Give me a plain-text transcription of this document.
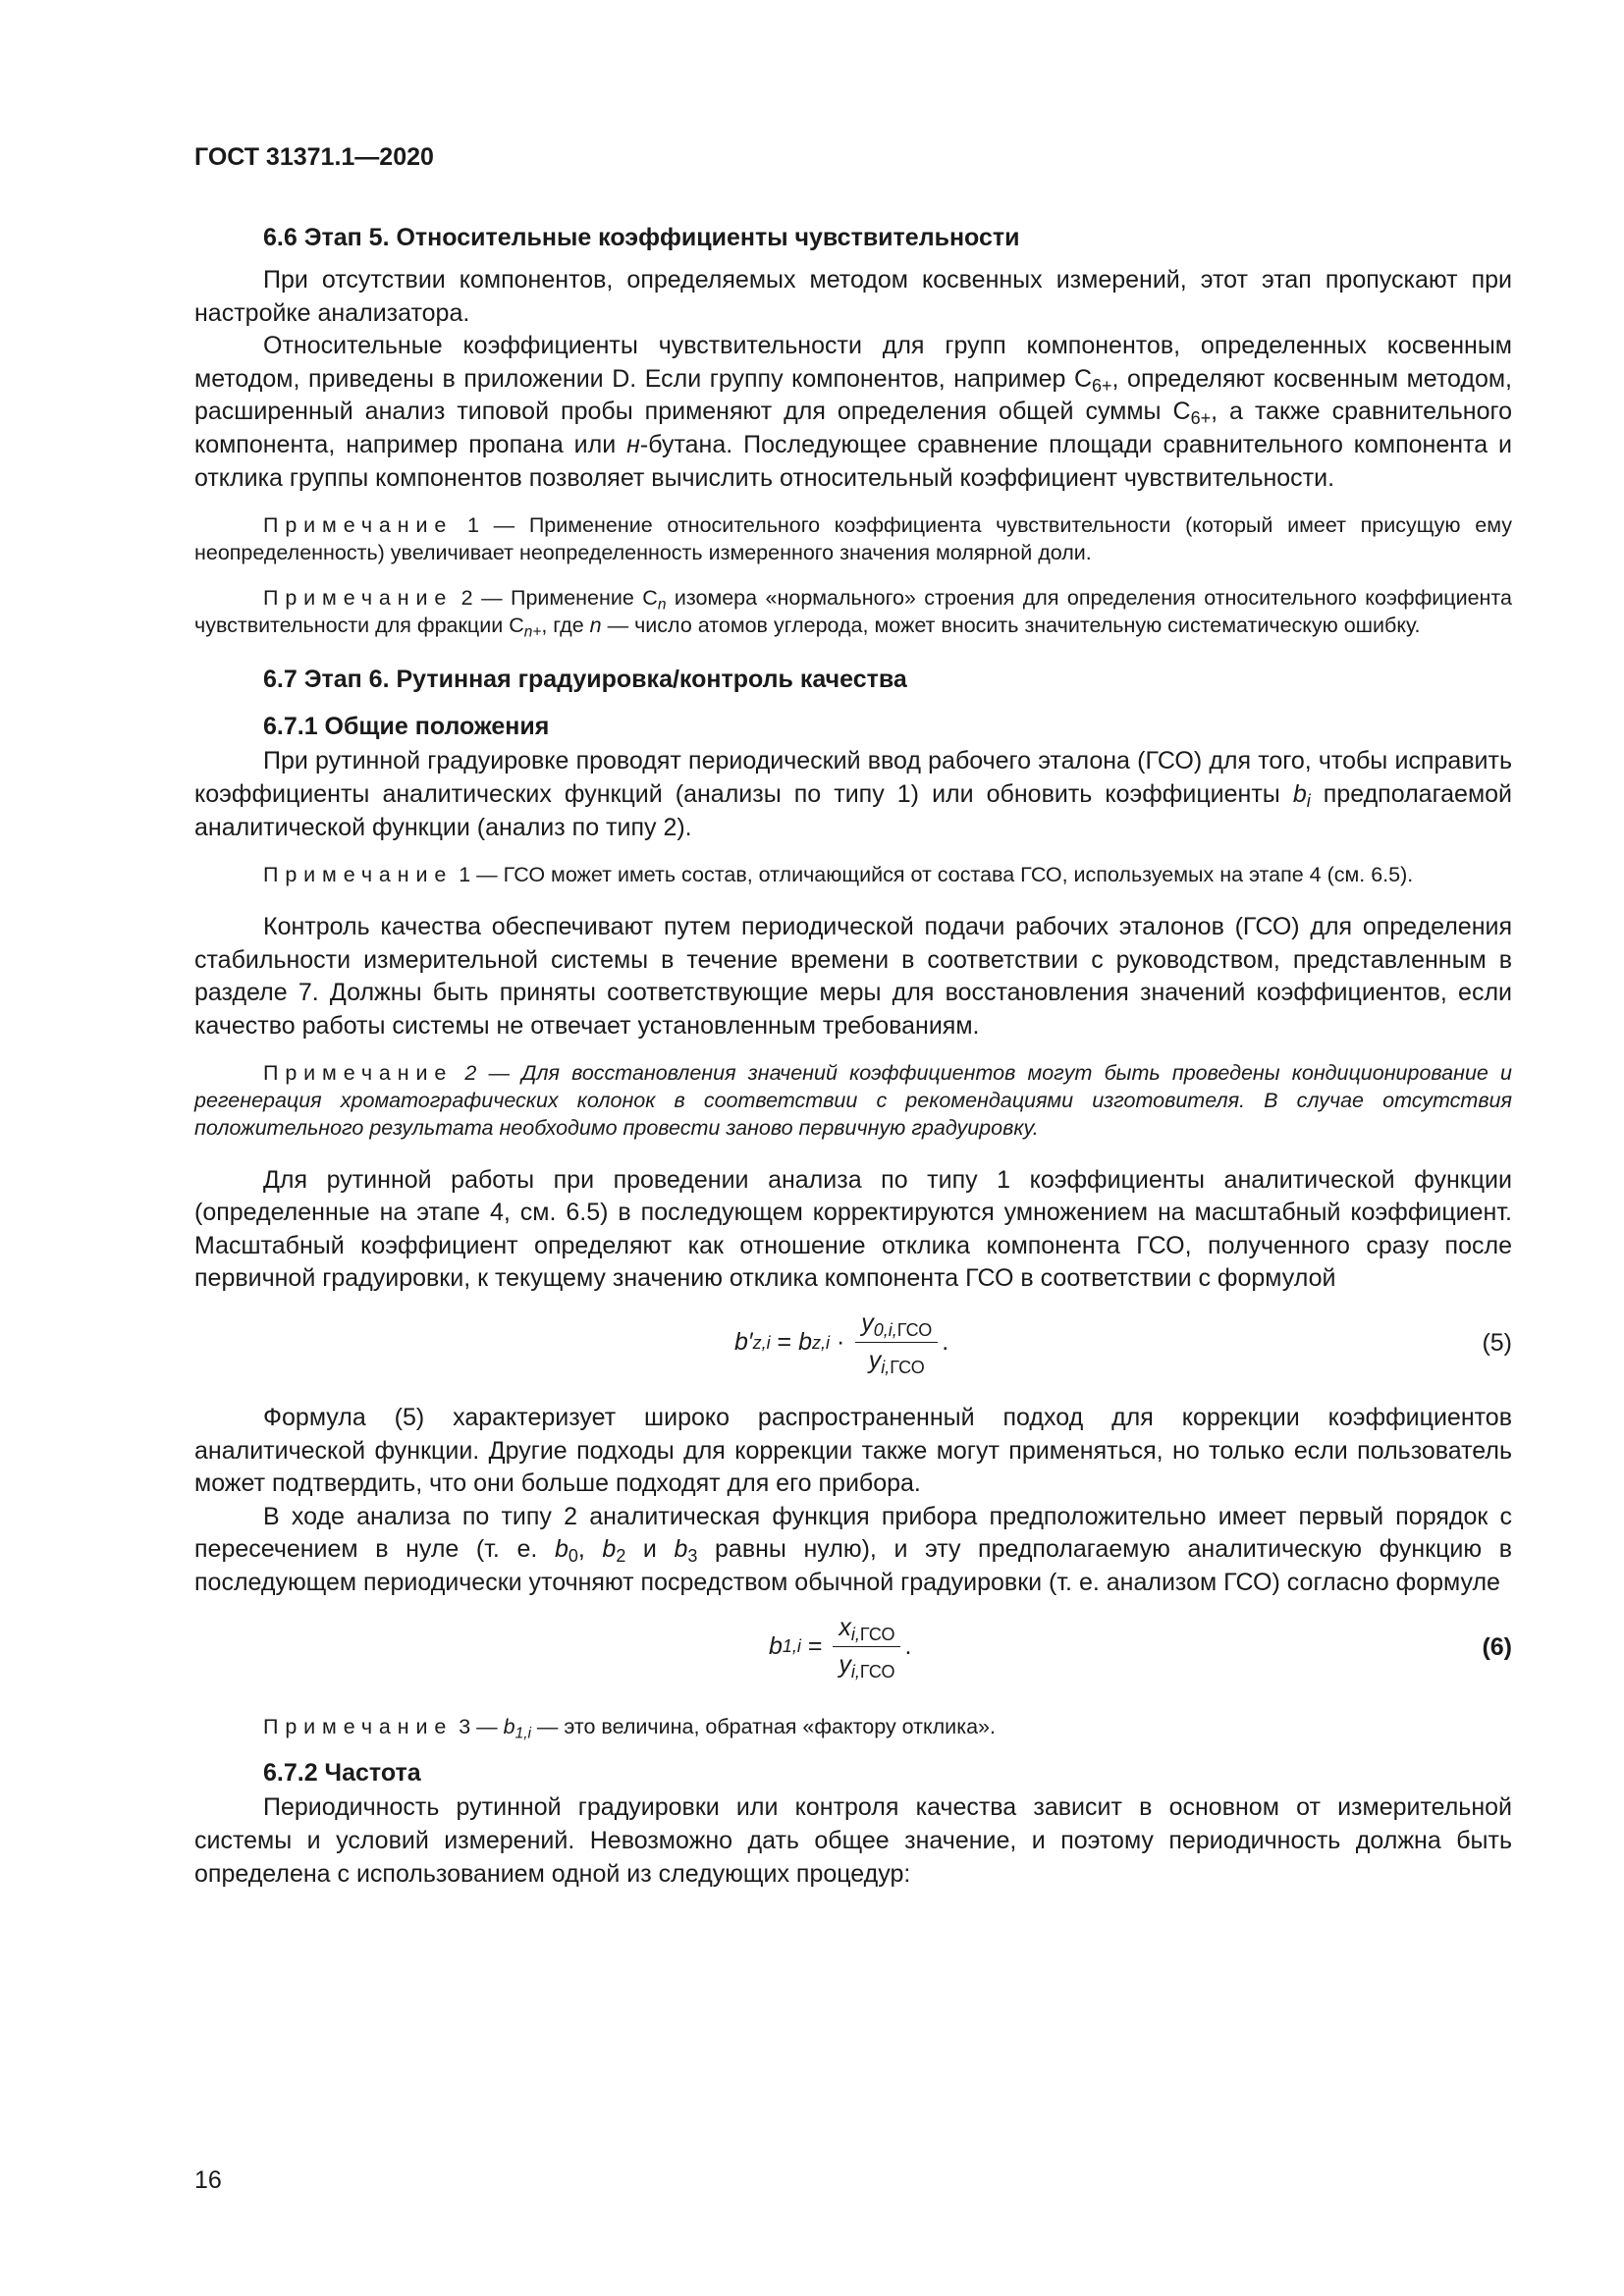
ГОСТ 31371.1—2020
6.6 Этап 5. Относительные коэффициенты чувствительности

При отсутствии компонентов, определяемых методом косвенных измерений, этот этап пропускают при настройке анализатора.

Относительные коэффициенты чувствительности для групп компонентов, определенных косвенным методом, приведены в приложении D. Если группу компонентов, например $C_{6+}$, определяют косвенным методом, расширенный анализ типовой пробы применяют для определения общей суммы $C_{6+}$, а также сравнительного компонента, например пропана или н-бутана. Последующее сравнение площади сравнительного компонента и отклика группы компонентов позволяет вычислить относительный коэффициент чувствительности.

Примечание 1 — Применение относительного коэффициента чувствительности (который имеет присущую ему неопределенность) увеличивает неопределенность измеренного значения молярной доли.
Примечание 2 — Применение $C_n$ изомера «нормального» строения для определения относительного коэффициента чувствительности для фракции $C_{n+}$, где n — число атомов углерода, может вносить значительную систематическую ошибку.
6.7 Этап 6. Рутинная градуировка/контроль качества
6.7.1 Общие положения

При рутинной градуировке проводят периодический ввод рабочего эталона (ГСО) для того, чтобы исправить коэффициенты аналитических функций (анализы по типу 1) или обновить коэффициенты $b_i$ предполагаемой аналитической функции (анализ по типу 2).

Примечание 1 — ГСО может иметь состав, отличающийся от состава ГСО, используемых на этапе 4 (см. 6.5).

Контроль качества обеспечивают путем периодической подачи рабочих эталонов (ГСО) для определения стабильности измерительной системы в течение времени в соответствии с руководством, представленным в разделе 7. Должны быть приняты соответствующие меры для восстановления значений коэффициентов, если качество работы системы не отвечает установленным требованиям.

Примечание 2 — Для восстановления значений коэффициентов могут быть проведены кондиционирование и регенерация хроматографических колонок в соответствии с рекомендациями изготовителя. В случае отсутствия положительного результата необходимо провести заново первичную градуировку.

Для рутинной работы при проведении анализа по типу 1 коэффициенты аналитической функции (определенные на этапе 4, см. 6.5) в последующем корректируются умножением на масштабный коэффициент. Масштабный коэффициент определяют как отношение отклика компонента ГСО, полученного сразу после первичной градуировки, к текущему значению отклика компонента ГСО в соответствии с формулой

b′ z,i = b $z,i \cdot \frac{y_{0,i,ГСО}}{y_{i,ГСО}}$ .	(5)

Формула (5) характеризует широко распространенный подход для коррекции коэффициентов аналитической функции. Другие подходы для коррекции также могут применяться, но только если пользователь может подтвердить, что они больше подходят для его прибора.

В ходе анализа по типу 2 аналитическая функция прибора предположительно имеет первый порядок с пересечением в нуле (т. е. $b_0$, $b_2$ и $b_3$ равны нулю), и эту предполагаемую аналитическую функцию в последующем периодически уточняют посредством обычной градуировки (т. е. анализом ГСО) согласно формуле

b $1,i = \frac{x_{i,ГСО}}{y_{i,ГСО}}$ .	(6)
Примечание 3 — $b_{1,i}$ — это величина, обратная «фактору отклика».
6.7.2 Частота

Периодичность рутинной градуировки или контроля качества зависит в основном от измерительной системы и условий измерений. Невозможно дать общее значение, и поэтому периодичность должна быть определена с использованием одной из следующих процедур:

16
